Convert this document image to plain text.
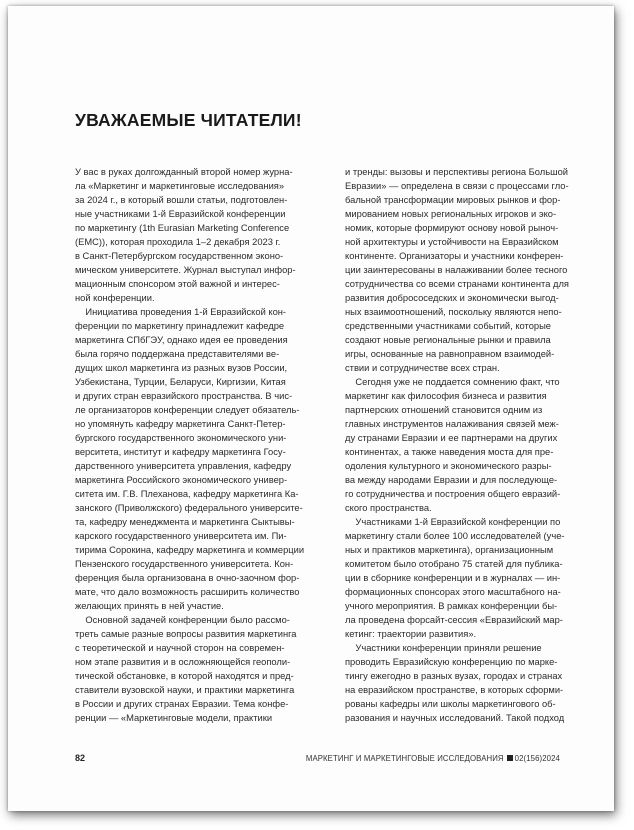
УВАЖАЕМЫЕ ЧИТАТЕЛИ!
У вас в руках долгожданный второй номер журна-
ла «Маркетинг и маркетинговые исследования»
за 2024 г., в который вошли статьи, подготовлен-
ные участниками 1-й Евразийской конференции
по маркетингу (1th Eurasian Marketing Conference
(EMC)), которая проходила 1–2 декабря 2023 г.
в Санкт-Петербургском государственном эконо-
мическом университете. Журнал выступал инфор-
мационным спонсором этой важной и интерес-
ной конференции.
Инициатива проведения 1-й Евразийской кон-
ференции по маркетингу принадлежит кафедре
маркетинга СПбГЭУ, однако идея ее проведения
была горячо поддержана представителями ве-
дущих школ маркетинга из разных вузов России,
Узбекистана, Турции, Беларуси, Киргизии, Китая
и других стран евразийского пространства. В чис-
ле организаторов конференции следует обязатель-
но упомянуть кафедру маркетинга Санкт-Петер-
бургского государственного экономического уни-
верситета, институт и кафедру маркетинга Госу-
дарственного университета управления, кафедру
маркетинга Российского экономического универ-
ситета им. Г.В. Плеханова, кафедру маркетинга Ка-
занского (Приволжского) федерального университе-
та, кафедру менеджмента и маркетинга Сыктывы-
карского государственного университета им. Пи-
тирима Сорокина, кафедру маркетинга и коммерции
Пензенского государственного университета. Кон-
ференция была организована в очно-заочном фор-
мате, что дало возможность расширить количество
желающих принять в ней участие.
Основной задачей конференции было рассмо-
треть самые разные вопросы развития маркетинга
с теоретической и научной сторон на современ-
ном этапе развития и в осложняющейся геополи-
тической обстановке, в которой находятся и пред-
ставители вузовской науки, и практики маркетинга
в России и других странах Евразии. Тема конфе-
ренции — «Маркетинговые модели, практики
и тренды: вызовы и перспективы региона Большой
Евразии» — определена в связи с процессами гло-
бальной трансформации мировых рынков и фор-
мированием новых региональных игроков и эко-
номик, которые формируют основу новой рыноч-
ной архитектуры и устойчивости на Евразийском
континенте. Организаторы и участники конферен-
ции заинтересованы в налаживании более тесного
сотрудничества со всеми странами континента для
развития добрососедских и экономически выгод-
ных взаимоотношений, поскольку являются непо-
средственными участниками событий, которые
создают новые региональные рынки и правила
игры, основанные на равноправном взаимодей-
ствии и сотрудничестве всех стран.
Сегодня уже не поддается сомнению факт, что
маркетинг как философия бизнеса и развития
партнерских отношений становится одним из
главных инструментов налаживания связей меж-
ду странами Евразии и ее партнерами на других
континентах, а также наведения моста для пре-
одоления культурного и экономического разры-
ва между народами Евразии и для последующе-
го сотрудничества и построения общего евразий-
ского пространства.
Участниками 1-й Евразийской конференции по
маркетингу стали более 100 исследователей (уче-
ных и практиков маркетинга), организационным
комитетом было отобрано 75 статей для публика-
ции в сборнике конференции и в журналах — ин-
формационных спонсорах этого масштабного на-
учного мероприятия. В рамках конференции бы-
ла проведена форсайт-сессия «Евразийский мар-
кетинг: траектории развития».
Участники конференции приняли решение
проводить Евразийскую конференцию по марке-
тингу ежегодно в разных вузах, городах и странах
на евразийском пространстве, в которых сформи-
рованы кафедры или школы маркетингового об-
разования и научных исследований. Такой подход
82	МАРКЕТИНГ И МАРКЕТИНГОВЫЕ ИССЛЕДОВАНИЯ 02(156)2024
